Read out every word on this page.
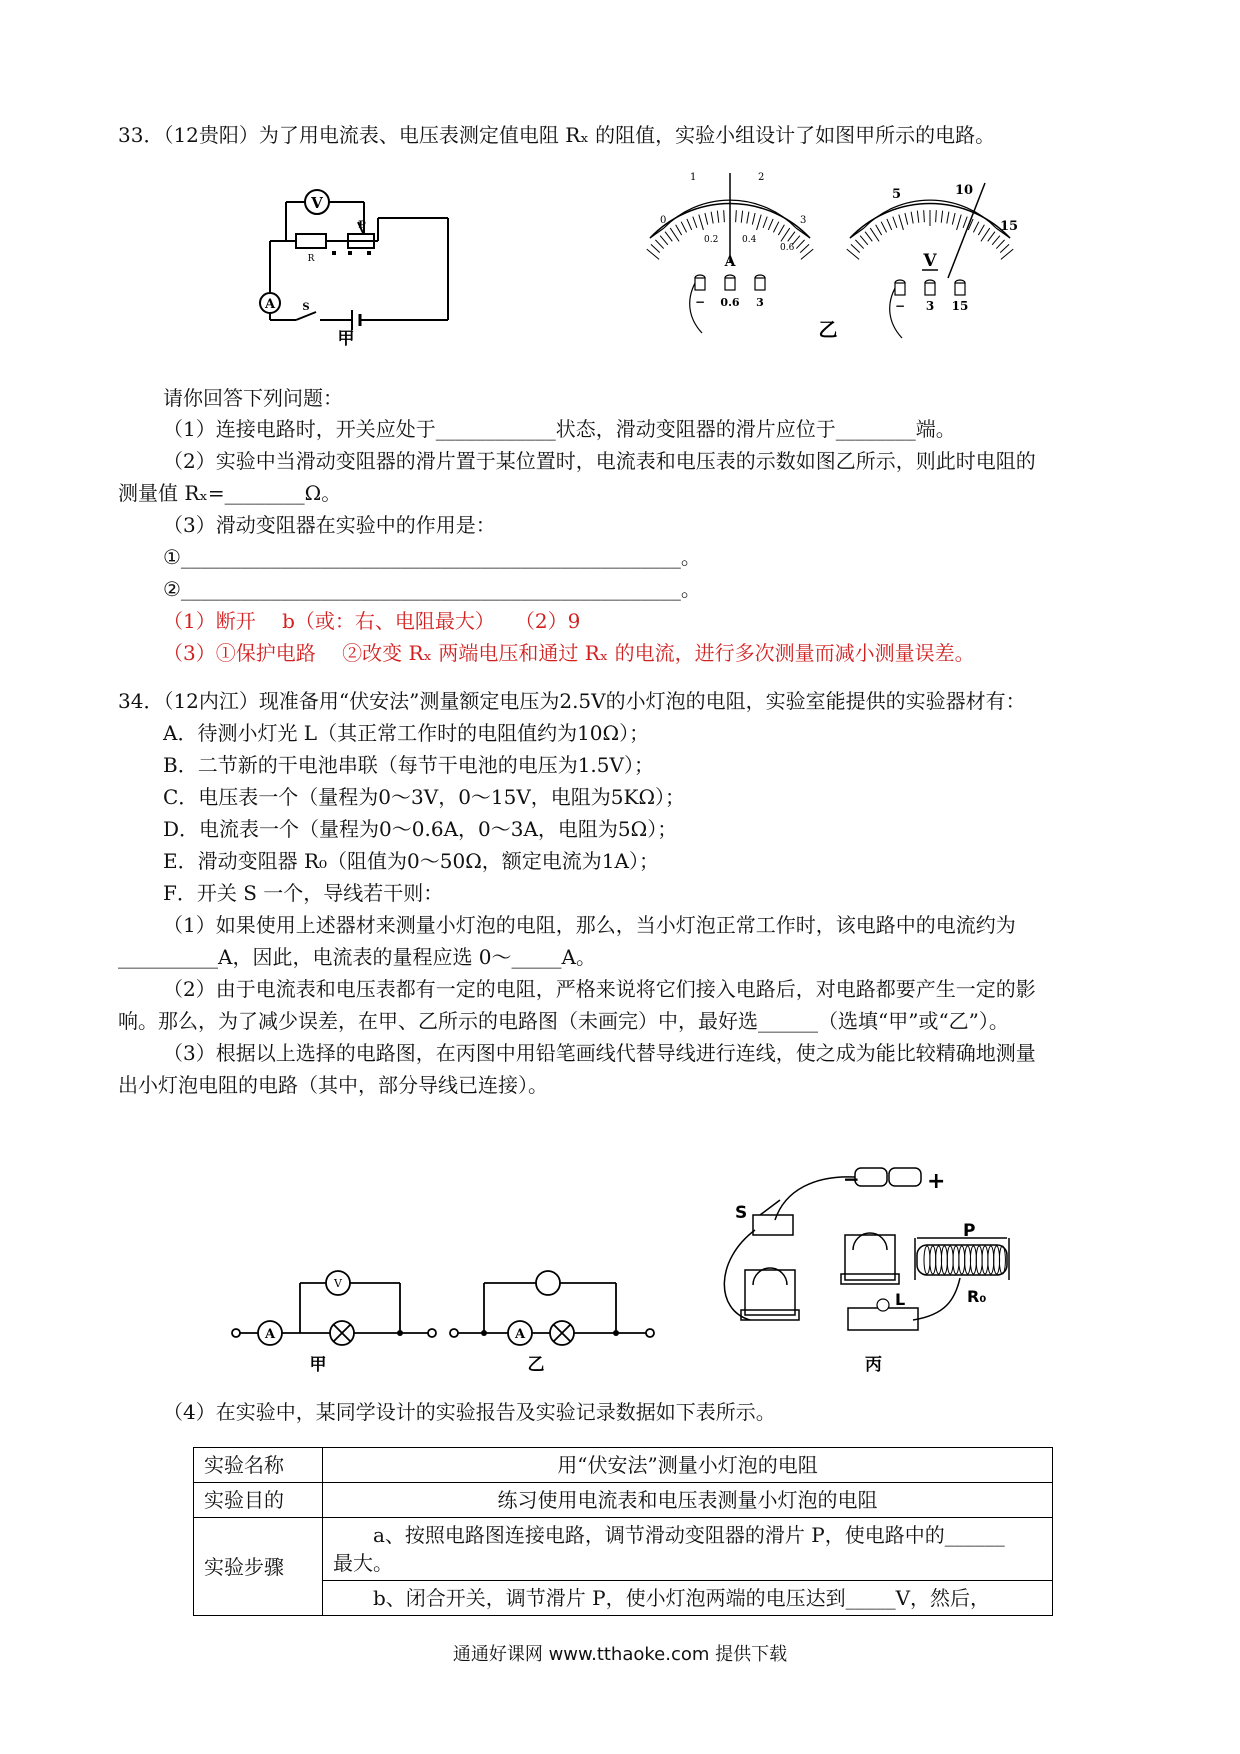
33．（12贵阳）为了用电流表、电压表测定值电阻 Rₓ 的阻值，实验小组设计了如图甲所示的电路。
V
A
R
P
S
甲
0
1	2
3
0.2	0.4
0.6
A
− 0.6 3
5	10
15
V
− 3 15
乙
请你回答下列问题：
（1）连接电路时，开关应处于____________状态，滑动变阻器的滑片应位于________端。
（2）实验中当滑动变阻器的滑片置于某位置时，电流表和电压表的示数如图乙所示，则此时电阻的
测量值 Rₓ=________Ω。
（3）滑动变阻器在实验中的作用是：
①__________________________________________________。
②__________________________________________________。
（1）断开　 b（或：右、电阻最大）　　（2）9
（3）①保护电路　 ②改变 Rₓ 两端电压和通过 Rₓ 的电流，进行多次测量而减小测量误差。
34．（12内江）现准备用“伏安法”测量额定电压为2.5V的小灯泡的电阻，实验室能提供的实验器材有：
A．待测小灯光 L（其正常工作时的电阻值约为10Ω）；
B．二节新的干电池串联（每节干电池的电压为1.5V）；
C．电压表一个（量程为0～3V，0～15V，电阻为5KΩ）；
D．电流表一个（量程为0～0.6A，0～3A，电阻为5Ω）；
E．滑动变阻器 R₀（阻值为0～50Ω，额定电流为1A）；
F．开关 S 一个，导线若干则：
（1）如果使用上述器材来测量小灯泡的电阻，那么，当小灯泡正常工作时，该电路中的电流约为
__________A，因此，电流表的量程应选 0～_____A。
（2）由于电流表和电压表都有一定的电阻，严格来说将它们接入电路后，对电路都要产生一定的影
响。那么，为了减少误差，在甲、乙所示的电路图（未画完）中，最好选______（选填“甲”或“乙”）。
（3）根据以上选择的电路图，在丙图中用铅笔画线代替导线进行连线，使之成为能比较精确地测量
出小灯泡电阻的电路（其中，部分导线已连接）。
A
V
甲
A
乙
S
−	+
P
L	R₀
丙
（4）在实验中，某同学设计的实验报告及实验记录数据如下表所示。
实验名称	用“伏安法”测量小灯泡的电阻
实验目的	练习使用电流表和电压表测量小灯泡的电阻
实验步骤	　　a、按照电路图连接电路，调节滑动变阻器的滑片 P，使电路中的______
最大。

	　　b、闭合开关，调节滑片 P，使小灯泡两端的电压达到_____V，然后，
通通好课网 www.tthaoke.com 提供下载
